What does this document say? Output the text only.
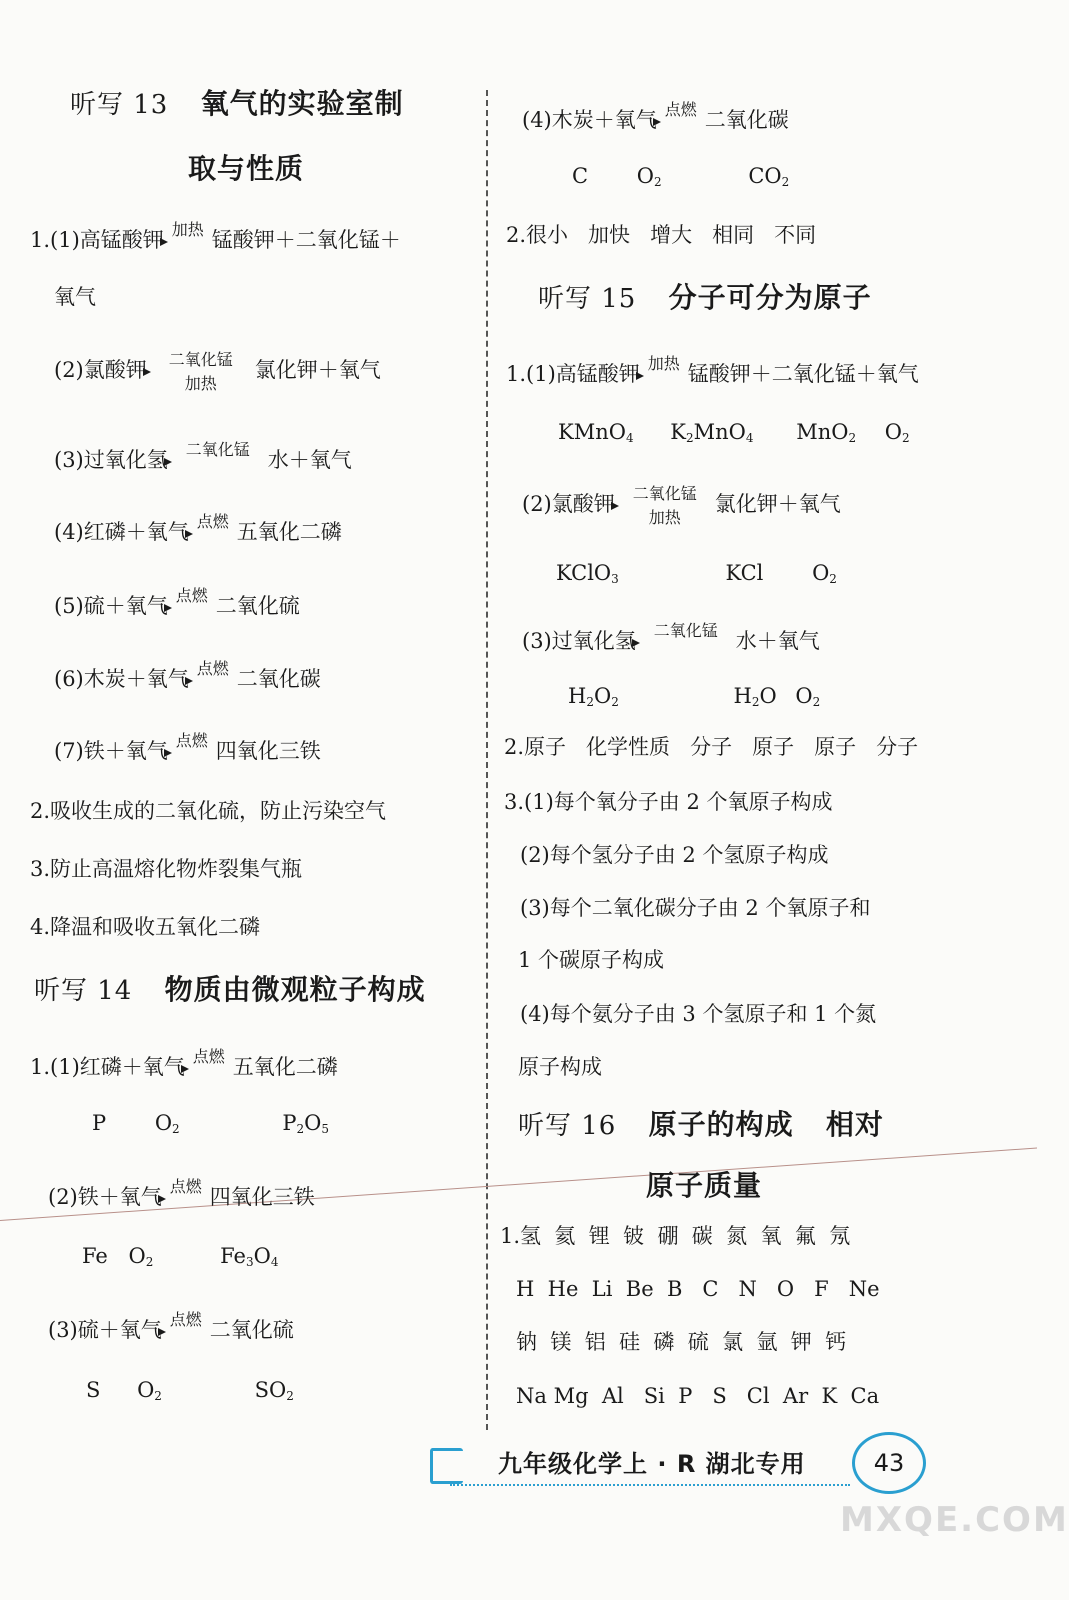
听写 13 氧气的实验室制
取与性质
1.(1)高锰酸钾 加热 锰酸钾＋二氧化锰＋
氧气
(2)氯酸钾	二氧化锰
加热
氯化钾＋氧气
(3)过氧化氢	二氧化锰 水＋氧气
(4)红磷＋氧气 点燃 五氧化二磷
(5)硫＋氧气 点燃 二氧化硫
(6)木炭＋氧气 点燃 二氧化碳
(7)铁＋氧气 点燃 四氧化三铁
2.吸收生成的二氧化硫，防止污染空气
3.防止高温熔化物炸裂集气瓶
4.降温和吸收五氧化二磷
听写 14 物质由微观粒子构成
1.(1)红磷＋氧气 点燃 五氧化二磷
P O2	P2O5
(2)铁＋氧气 点燃 四氧化三铁
Fe O2	Fe3O4
(3)硫＋氧气 点燃 二氧化硫
S O2	SO2
(4)木炭＋氧气 点燃 二氧化碳
C O2	CO2
2.很小   加快   增大   相同   不同
听写 15 分子可分为原子
1.(1)高锰酸钾 加热 锰酸钾＋二氧化锰＋氧气
KMnO4 K2MnO4 MnO2 O2
(2)氯酸钾	二氧化锰
加热
氯化钾＋氧气
KClO3	KCl O2
(3)过氧化氢	二氧化锰 水＋氧气
H2O2	H2O O2
2.原子   化学性质   分子   原子   原子   分子
3.(1)每个氧分子由 2 个氧原子构成
(2)每个氢分子由 2 个氢原子构成
(3)每个二氧化碳分子由 2 个氧原子和
1 个碳原子构成
(4)每个氨分子由 3 个氢原子和 1 个氮
原子构成
听写 16 原子的构成   相对
原子质量
1.氢  氦  锂  铍  硼  碳  氮  氧  氟  氖
H  He  Li  Be  B   C   N   O   F   Ne
钠  镁  铝  硅  磷  硫  氯  氩  钾  钙
Na Mg  Al   Si  P   S   Cl  Ar  K  Ca
九年级化学上 · R 湖北专用	43
MXQE.COM
